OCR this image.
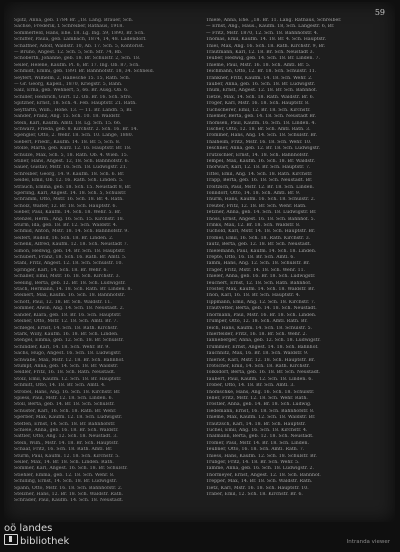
59
Spitz, Anna, geb. 1784 Br. „18. Lang. Brauer, Sch.
Sachse, Frederik, f. Schreiber, Rathaus, 1918.
Sommerfeld, Hans, Ehe. 18. Lg. Ing. 59, 1890, Br. Sch.
Schiffer, Paula, geb. Lambach, 1874, 14, 48. Ladendorf.
Schaffner, Adolf, Waldstr. 10, Ab. 17. Sch. 5, Kontorist.
— Bruno, Angest. 12. Sch. 5, Sch. Sfr. 74, Bb.
Schoberth, Johanne, geb. 18. Br. Schulstr. 2, Sch. 18.
Seiler, Helene, Kaufm. Pl. 6, Br. 17. Ing. Ob. 87, Sch.
Schmidt, Emmi, geb. 1891 Br. Bahnhofstr. 18, 34. Schneid.
Seyfert, Wilhelm, 2, Hallesche 15. 15, Rath. Sch.
— Gr. Georg, Kapell., 1870, Kriegstr. 5, Bahn.
Salz, Erna, geb. Wehnert, 5, 66. Br. Ausg. Ob. 6.
Schiller, Heinrich, Gurt. 12. Ob. Br. 16. Sch. Stro.
Spitzner, Ernst, 18. Sch. 4. Feb. Hauptstr. 21. Rath.
Seyffarth, Wilh., Hohe. 13. — 11. Br. Landh. 5, Bl.
Sander, Franz, Ang. 15. Sch. 10. 18. Waldstr.
Stein, Karl, Kaufm. Amtl. 18. Lg. Sch. 15. 66.
Schwarz, Frieda, geb. 8. Kirchstr. 2. Sch. 16. Br. 14.
Spengler, Otto, 2. Wehr. 18. Sch. 10. Lange, 1880.
Siebert, Friedr., Kaufm. 14. 18. Br. 5, Sch. 8.
Stolle, Marta, geb. Kurz. 12. 16. Hauptstr. Br. 18.
Schulze, Max, Sch. 5, 18. Rath. Ob. 4. Wien. 15.
Stiller, Hans, Angest. 12, 18. Sch. Bahnhofstr. 6.
Sauer, Gustav, Mstr. 16. Sch. 18. Ludwigstr. 21.
Schreiber, Georg, 14. 9. Kaufm. 18. Sch. 6. Br.
Seidel, Emil, Ob. 12. 16. Rath. Sch. Linden. 5.
Strauch, Emma, geb. 18. Sch. 15. Neustadt 8, Br.
Sperling, Karl, Angest. 14. 18. Sch. 5, Schulstr.
Schramm, Otto, Mstr. 16. Sch. 18. Br. 4. Rath.
Scholz, Walter, 12. Br. 18. Sch. Hauptstr. 6.
Sieber, Paul, Kaufm. 14. Sch. 18. Wehr. 5. Br.
Stenzel, Herm., Ang. 16. Sch. 15. Kirchstr. 18.
Sturm, Ida, geb. 18. Br. 12. Sch. Waldstr. 4.
Schmid, Anton, Mstr. 18. 14. Sch. Bahnhofstr. 9.
Seifert, Rudolf, 16. Sch. 18. Br. Linden. 2.
Schenk, Alfred, Kaufm. 12. 18. Sch. Neustadt 7.
Simon, Hedwig, geb. 14. Br. Sch. 18. Hauptstr.
Schubert, Franz, 18. Sch. 16. Rath. Br. Amtl. 5.
Stahl, Fritz, Angest. 12. 18. Sch. Schulstr. 10.
Springer, Karl, 14. Sch. 18. Br. Wehr. 6.
Schaller, Emil, Mstr. 16. 18. Sch. Kirchstr. 3.
Seeling, Berta, geb. 12. Br. 18. Sch. Ludwigstr.
Stach, Hermann, 14. 18. Sch. Rath. Br. Linden. 8.
Steinert, Max, Kaufm. 16. Sch. 18. Bahnhofstr.
Schott, Paul, 12. 18. Br. Sch. Waldstr. 11.
Sommer, Alwin, Ang. 14. Sch. 18. Neustadt. 2.
Sander, Klara, geb. 18. Br. 16. Sch. Hauptstr.
Steiner, Otto, Mstr. 12. 18. Sch. Amtl. Br. 7.
Schlegel, Ernst, 14. Sch. 18. Rath. Kirchstr.
Stark, Willy, Kaufm. 16. 18. Br. Sch. Linden.
Stengel, Emma, geb. 12. Sch. 18. Br. Schulstr.
Schindler, Karl, 14. 18. Sch. Wehr. Br. 9.
Sachs, Hugo, Angest. 16. Sch. 18. Ludwigstr.
Schwabe, Max, Mstr. 12. 18. Br. Sch. Bahnhof.
Stumpf, Anna, geb. 14. Sch. 18. Br. Waldstr.
Seidler, Fritz, 16. 18. Sch. Rath. Neustadt.
Stolz, Emil, Kaufm. 12. Sch. 18. Br. Hauptstr.
Schmitt, Otto, 14. 18. Br. Sch. Amtl. 4.
Strobel, Hans, Ang. 16. Sch. 18. Kirchstr. Br.
Spiess, Paul, Mstr. 12. 18. Sch. Linden. 6.
Stoll, Berta, geb. 14. Br. 18. Sch. Schulstr.
Schuster, Karl, 16. Sch. 18. Rath. Br. Wehr.
Sperber, Max, Kaufm. 12. 18. Sch. Ludwigstr.
Steffen, Ernst, 14. Sch. 18. Br. Bahnhofstr.
Schiele, Anna, geb. 16. 18. Br. Sch. Waldstr.
Sattler, Otto, Ang. 12. Sch. 18. Neustadt. 3.
Stein, Wilh., Mstr. 14. 18. Br. Sch. Hauptstr.
Schaaf, Fritz, 16. Sch. 18. Rath. Amtl. Br.
Sturm, Paul, Kaufm. 12. 18. Sch. Kirchstr. 5.
Seiler, Max, 14. Br. 18. Sch. Linden. Rath.
Sommer, Karl, Angest. 16. Sch. 18. Br. Schulstr.
Stiehler, Emma, geb. 12. 18. Sch. Wehr. 8.
Schilling, Ernst, 14. Sch. 18. Br. Ludwigstr.
Spahn, Otto, Mstr. 16. 18. Sch. Bahnhofstr. 2.
Stelzner, Hans, 12. Br. 18. Sch. Waldstr. Rath.
Schrader, Paul, Kaufm. 14. Sch. 18. Neustadt.
Thiele, Anna, Ehe. „18. Br. 11. Lang. Rathaus, Schreiber.
— Ernst, Ang., Haus., Kaufm. 18, Sch. Langestr. 6, Br.
— Fritz, Mstr. 1870, 12. Sch. 18. Bahnhofstr. 4.
Thomas, Emil, Kaufm. 14. 18. Br. 4. Sch. Hauptstr.
Thiel, Max, Ang. 16. Sch. 18. Rath. Kirchstr. 9, Br.
Trautmann, Karl, 12. 18. Br. Sch. Neustadt 3.
Teuber, Hedwig, geb. 14. Sch. 18. Br. Linden. 7.
Thieme, Paul, Mstr. 16. 18. Sch. Amtl. Br. 5.
Teichmann, Otto, 12. Br. 18. Sch. Schulstr. 11.
Tränkner, Fritz, Kaufm. 14. 18. Sch. Wehr. 2.
Tauber, Anna, geb. 16. Sch. 18. Br. Ludwigstr.
Thum, Ernst, Angest. 12. 18. Br. Sch. Bahnhof.
Tietze, Max, 14. Sch. 18. Rath. Waldstr. Br. 6.
Tröger, Karl, Mstr. 16. 18. Sch. Hauptstr. 8.
Tuchscherer, Emil, 12. Br. 18. Sch. Kirchstr.
Thiemer, Berta, geb. 14. 18. Sch. Neustadt Br.
Thomsen, Paul, Kaufm. 16. Sch. 18. Linden. 4.
Tischer, Otto, 12. 18. Br. Sch. Amtl. Rath. 3.
Trommer, Hans, Ang. 14. Sch. 18. Schulstr. Br.
Thalheim, Fritz, Mstr. 16. 18. Sch. Wehr. 10.
Teschner, Anna, geb. 12. Br. 18. Sch. Ludwigstr.
Trützschler, Ernst, 14. 18. Sch. Bahnhofstr.
Tempel, Max, Kaufm. 16. Sch. 18. Br. Waldstr.
Thorwart, Karl, 12. 18. Br. Sch. Hauptstr. 7.
Tittel, Emil, Ang. 14. Sch. 18. Rath. Kirchstr.
Trapp, Berta, geb. 16. 18. Sch. Neustadt. Br.
Tröltzsch, Paul, Mstr. 12. Br. 18. Sch. Linden.
Tonndorf, Otto, 14. 18. Sch. Amtl. Br. 9.
Thurm, Hans, Kaufm. 16. Sch. 18. Schulstr. 2.
Treuter, Fritz, 12. 18. Br. Sch. Wehr. Rath.
Tetzner, Anna, geb. 14. Sch. 18. Ludwigstr. Br.
Thoss, Ernst, Angest. 16. 18. Sch. Bahnhof. 5.
Trinks, Max, 12. Br. 18. Sch. Waldstr. 8.
Tuchold, Karl, Mstr. 14. 18. Sch. Hauptstr. Br.
Trömel, Emil, 16. Sch. 18. Rath. Kirchstr. 3.
Tautz, Berta, geb. 12. 18. Br. Sch. Neustadt.
Thielemann, Paul, Kaufm. 14. Sch. 18. Linden.
Trepte, Otto, 16. 18. Br. Sch. Amtl. 6.
Tamm, Hans, Ang. 12. Sch. 18. Schulstr. Br.
Träger, Fritz, Mstr. 14. 18. Sch. Wehr. 11.
Thieler, Anna, geb. 16. Br. 18. Sch. Ludwigstr.
Teuchert, Ernst, 12. 18. Sch. Rath. Bahnhof.
Tröster, Max, Kaufm. 14. Sch. 18. Waldstr. Br.
Thon, Karl, 16. 18. Br. Sch. Hauptstr. 4.
Tippmann, Emil, Ang. 12. Sch. 18. Kirchstr. 7.
Trautvetter, Berta, geb. 14. 18. Sch. Neustadt.
Thormann, Paul, Mstr. 16. Br. 18. Sch. Linden.
Trümper, Otto, 12. 18. Sch. Amtl. Rath. Br.
Teich, Hans, Kaufm. 14. Sch. 18. Schulstr. 5.
Thierfelder, Fritz, 16. 18. Br. Sch. Wehr. 2.
Tanneberger, Anna, geb. 12. Sch. 18. Ludwigstr.
Trummler, Ernst, Angest. 14. 18. Sch. Bahnhof.
Tauchnitz, Max, 16. Br. 18. Sch. Waldstr. 9.
Thieriot, Karl, Mstr. 12. 18. Sch. Hauptstr. Br.
Trötscher, Emil, 14. Sch. 18. Rath. Kirchstr.
Tolksdorf, Berta, geb. 16. 18. Br. Sch. Neustadt.
Taubert, Paul, Kaufm. 12. Sch. 18. Linden. 6.
Tröber, Otto, 14. 18. Br. Sch. Amtl. 3.
Thomschke, Hans, Ang. 16. Sch. 18. Schulstr.
Teller, Fritz, Mstr. 12. 18. Sch. Wehr. Rath.
Tröstler, Anna, geb. 14. Br. 18. Sch. Ludwig.
Tiedemann, Ernst, 16. 18. Sch. Bahnhofstr. 8.
Thieme, Max, Kaufm. 12. Sch. 18. Waldstr. Br.
Trautzsch, Karl, 14. 18. Br. Sch. Hauptstr.
Tuchel, Emil, Ang. 16. Sch. 18. Kirchstr. 4.
Thalmann, Berta, geb. 12. 18. Sch. Neustadt.
Trömer, Paul, Mstr. 14. Br. 18. Sch. Linden.
Teubner, Otto, 16. 18. Sch. Amtl. Rath. 7.
Thiess, Hans, Kaufm. 12. Sch. 18. Schulstr. Br.
Trübger, Fritz, 14. 18. Br. Sch. Wehr. 5.
Tamme, Anna, geb. 16. Sch. 18. Ludwigstr. 2.
Thormeyer, Ernst, Angest. 12. 18. Sch. Bahnhof.
Trepper, Max, 14. Br. 18. Sch. Waldstr. Rath.
Tietz, Karl, Mstr. 16. 18. Sch. Hauptstr. 10.
Träber, Emil, 12. Sch. 18. Kirchstr. Br. 6.
oö landes
bibliothek	Intranda viewer
